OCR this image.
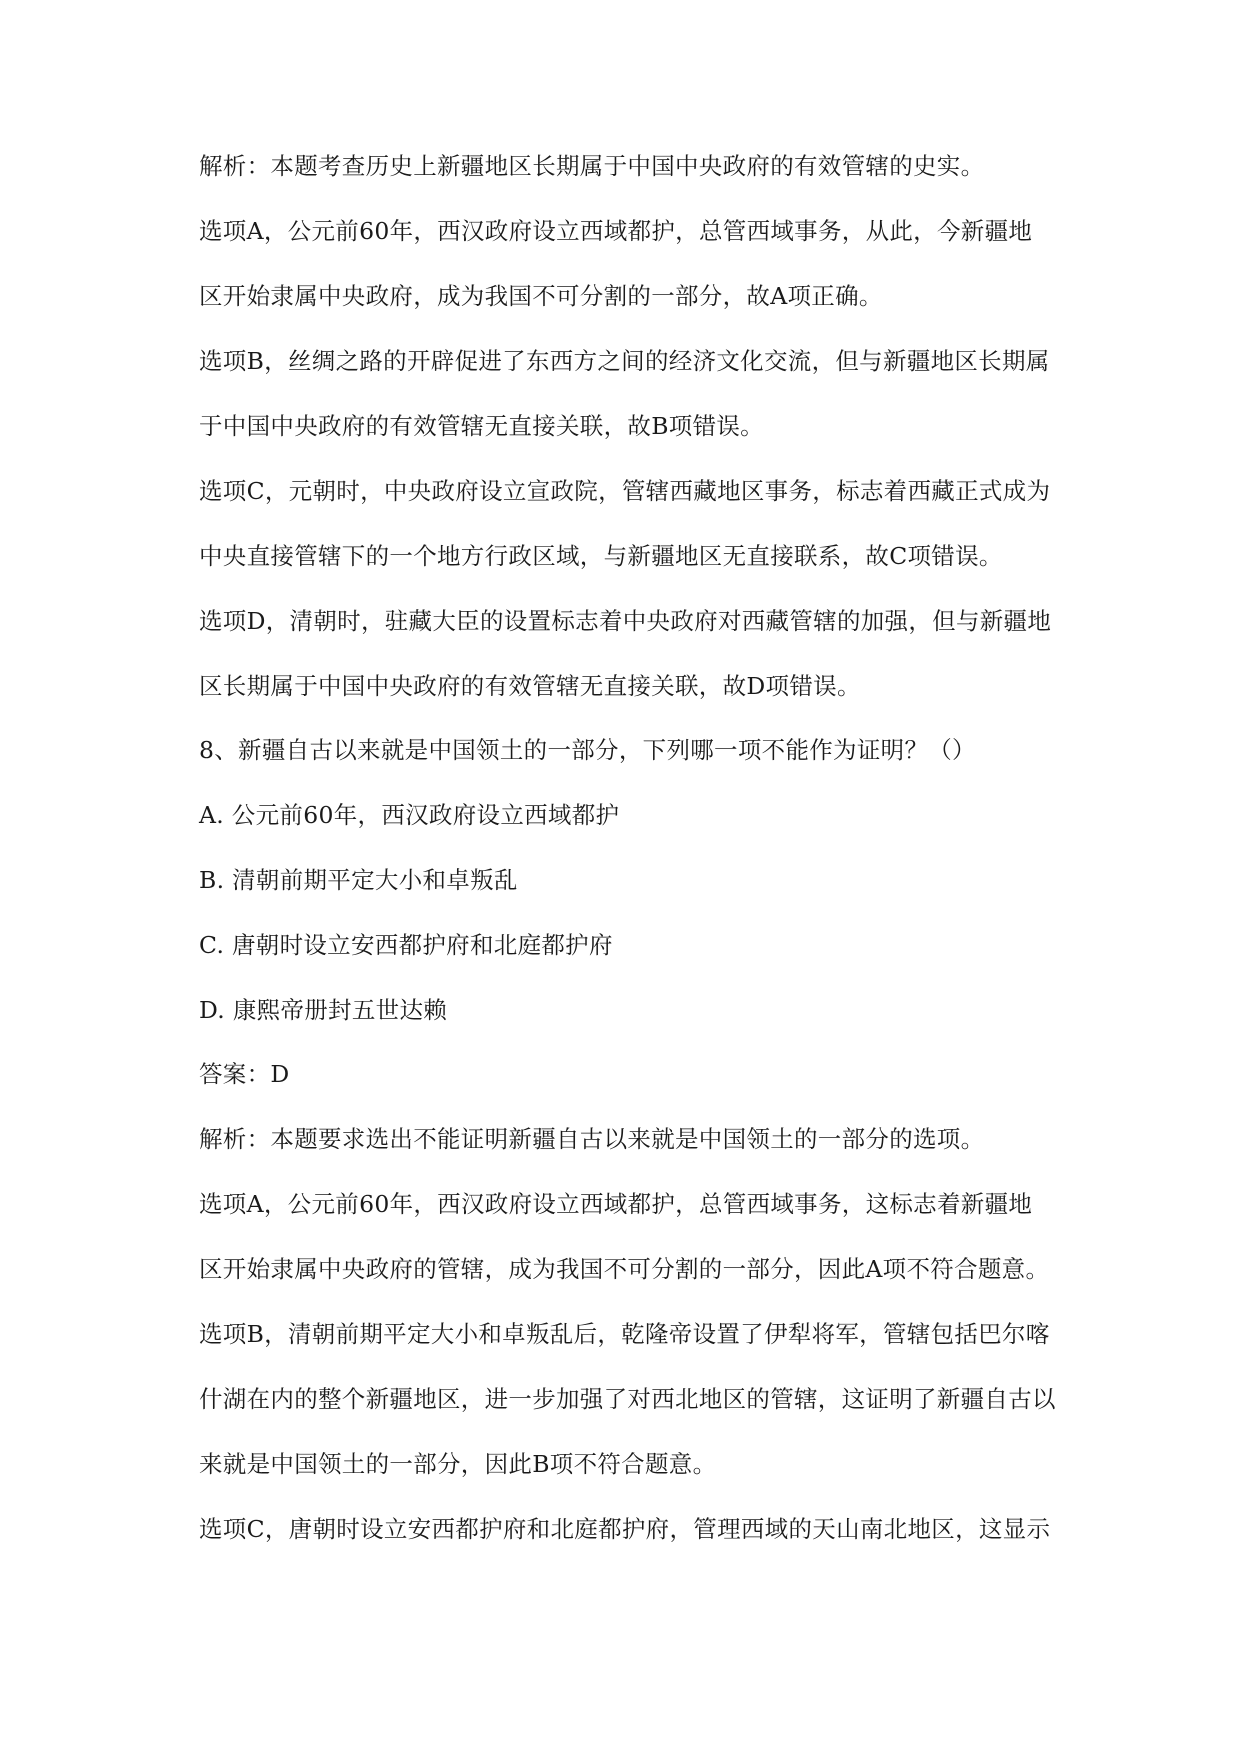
解析：本题考查历史上新疆地区长期属于中国中央政府的有效管辖的史实。
选项A，公元前60年，西汉政府设立西域都护，总管西域事务，从此，今新疆地
区开始隶属中央政府，成为我国不可分割的一部分，故A项正确。
选项B，丝绸之路的开辟促进了东西方之间的经济文化交流，但与新疆地区长期属
于中国中央政府的有效管辖无直接关联，故B项错误。
选项C，元朝时，中央政府设立宣政院，管辖西藏地区事务，标志着西藏正式成为
中央直接管辖下的一个地方行政区域，与新疆地区无直接联系，故C项错误。
选项D，清朝时，驻藏大臣的设置标志着中央政府对西藏管辖的加强，但与新疆地
区长期属于中国中央政府的有效管辖无直接关联，故D项错误。
8、新疆自古以来就是中国领土的一部分，下列哪一项不能作为证明？（）
A. 公元前60年，西汉政府设立西域都护
B. 清朝前期平定大小和卓叛乱
C. 唐朝时设立安西都护府和北庭都护府
D. 康熙帝册封五世达赖
答案：D
解析：本题要求选出不能证明新疆自古以来就是中国领土的一部分的选项。
选项A，公元前60年，西汉政府设立西域都护，总管西域事务，这标志着新疆地
区开始隶属中央政府的管辖，成为我国不可分割的一部分，因此A项不符合题意。
选项B，清朝前期平定大小和卓叛乱后，乾隆帝设置了伊犁将军，管辖包括巴尔喀
什湖在内的整个新疆地区，进一步加强了对西北地区的管辖，这证明了新疆自古以
来就是中国领土的一部分，因此B项不符合题意。
选项C，唐朝时设立安西都护府和北庭都护府，管理西域的天山南北地区，这显示
